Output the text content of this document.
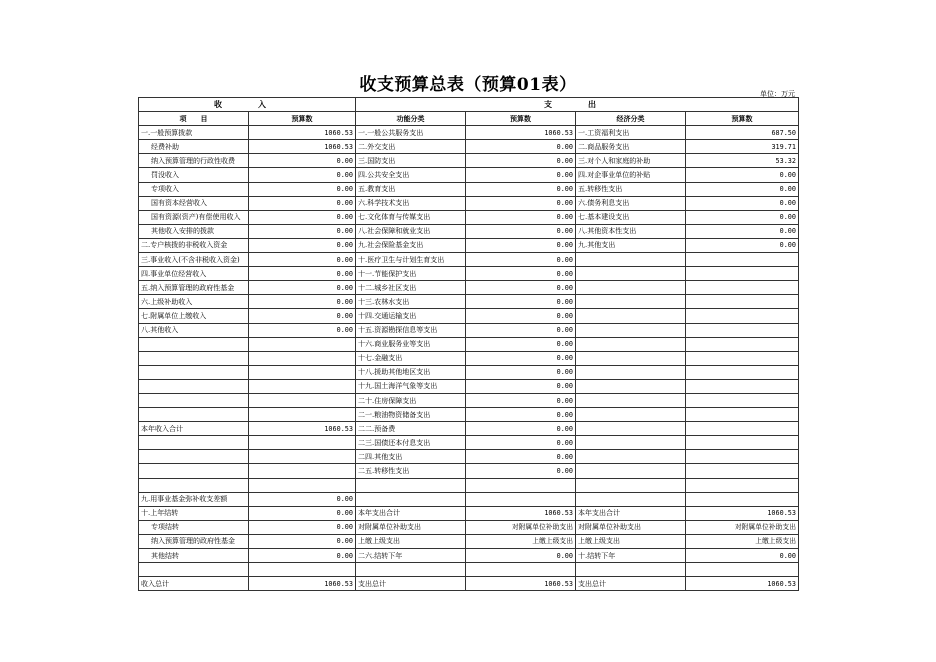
收支预算总表（预算01表）	单位：万元
收　入		支　出			
项　　目	预算数	功能分类	预算数	经济分类	预算数
一.一般预算拨款	1060.53	一.一般公共服务支出	1060.53	一.工资福利支出	687.50
经费补助	1060.53	二.外交支出	0.00	二.商品服务支出	319.71
纳入预算管理的行政性收费	0.00	三.国防支出	0.00	三.对个人和家庭的补助	53.32
罚没收入	0.00	四.公共安全支出	0.00	四.对企事业单位的补贴	0.00
专项收入	0.00	五.教育支出	0.00	五.转移性支出	0.00
国有资本经营收入	0.00	六.科学技术支出	0.00	六.债务利息支出	0.00
国有资源(资产)有偿使用收入	0.00	七.文化体育与传媒支出	0.00	七.基本建设支出	0.00
其他收入安排的拨款	0.00	八.社会保障和就业支出	0.00	八.其他资本性支出	0.00
二.专户核拨的非税收入资金	0.00	九.社会保险基金支出	0.00	九.其他支出	0.00
三.事业收入(不含非税收入资金)	0.00	十.医疗卫生与计划生育支出	0.00		
四.事业单位经营收入	0.00	十一.节能保护支出	0.00		
五.纳入预算管理的政府性基金	0.00	十二.城乡社区支出	0.00		
六.上级补助收入	0.00	十三.农林水支出	0.00		
七.附属单位上缴收入	0.00	十四.交通运输支出	0.00		
八.其他收入	0.00	十五.资源勘探信息等支出	0.00		
		十六.商业服务业等支出	0.00		
		十七.金融支出	0.00		
		十八.援助其他地区支出	0.00		
		十九.国土海洋气象等支出	0.00		
		二十.住房保障支出	0.00		
		二一.粮油物资储备支出	0.00		
本年收入合计	1060.53	二二.预备费	0.00		
		二三.国债还本付息支出	0.00		
		二四.其他支出	0.00		
		二五.转移性支出	0.00		

九.用事业基金弥补收支差额	0.00				
十.上年结转	0.00	本年支出合计	1060.53	本年支出合计	1060.53
专项结转	0.00	对附属单位补助支出	对附属单位补助支出	对附属单位补助支出	对附属单位补助支出
纳入预算管理的政府性基金	0.00	上缴上级支出	上缴上级支出	上缴上级支出	上缴上级支出
其他结转	0.00	二六.结转下年	0.00	十.结转下年	0.00

收入总计	1060.53	支出总计	1060.53	支出总计	1060.53
